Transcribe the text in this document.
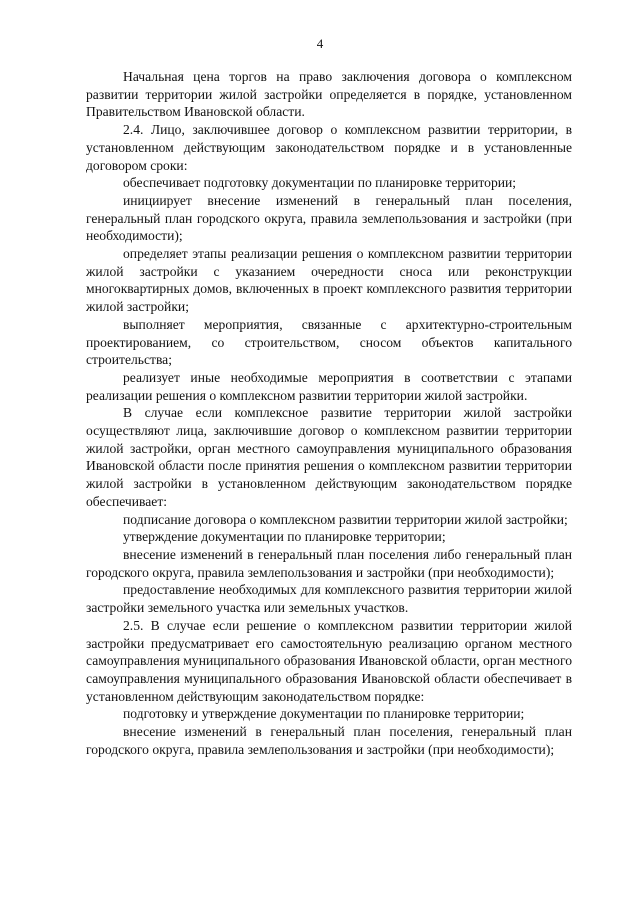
4

Начальная цена торгов на право заключения договора о комплексном развитии территории жилой застройки определяется в порядке, установленном Правительством Ивановской области.

2.4. Лицо, заключившее договор о комплексном развитии территории, в установленном действующим законодательством порядке и в установленные договором сроки:

обеспечивает подготовку документации по планировке территории;

инициирует внесение изменений в генеральный план поселения, генеральный план городского округа, правила землепользования и застройки (при необходимости);

определяет этапы реализации решения о комплексном развитии территории жилой застройки с указанием очередности сноса или реконструкции многоквартирных домов, включенных в проект комплексного развития территории жилой застройки;

выполняет мероприятия, связанные с архитектурно-строительным проектированием, со строительством, сносом объектов капитального строительства;

реализует иные необходимые мероприятия в соответствии с этапами реализации решения о комплексном развитии территории жилой застройки.

В случае если комплексное развитие территории жилой застройки осуществляют лица, заключившие договор о комплексном развитии территории жилой застройки, орган местного самоуправления муниципального образования Ивановской области после принятия решения о комплексном развитии территории жилой застройки в установленном действующим законодательством порядке обеспечивает:

подписание договора о комплексном развитии территории жилой застройки;

утверждение документации по планировке территории;

внесение изменений в генеральный план поселения либо генеральный план городского округа, правила землепользования и застройки (при необходимости);

предоставление необходимых для комплексного развития территории жилой застройки земельного участка или земельных участков.

2.5. В случае если решение о комплексном развитии территории жилой застройки предусматривает его самостоятельную реализацию органом местного самоуправления муниципального образования Ивановской области, орган местного самоуправления муниципального образования Ивановской области обеспечивает в установленном действующим законодательством порядке:

подготовку и утверждение документации по планировке территории;

внесение изменений в генеральный план поселения, генеральный план городского округа, правила землепользования и застройки (при необходимости);
